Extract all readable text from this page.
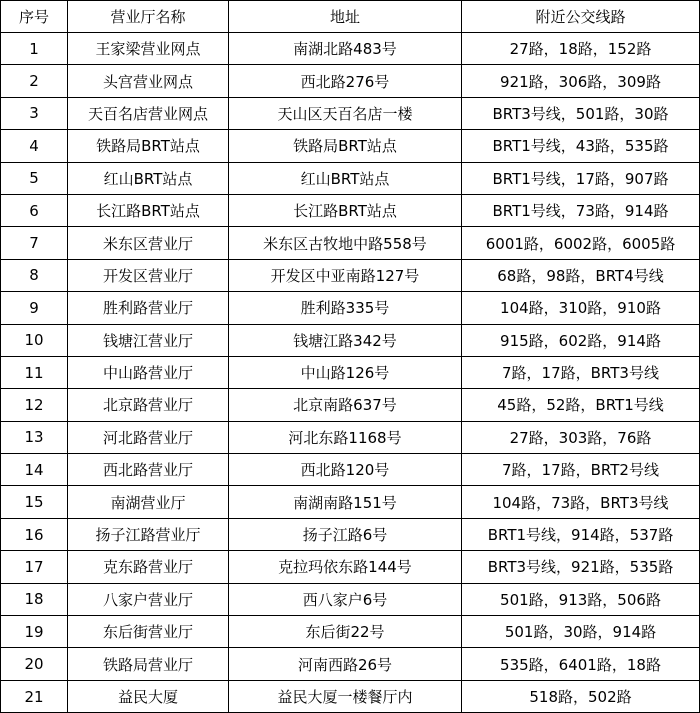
序号	营业厅名称	地址	附近公交线路
1	王家梁营业网点	南湖北路483号	27路，18路，152路
2	头宫营业网点	西北路276号	921路，306路，309路
3	天百名店营业网点	天山区天百名店一楼	BRT3号线，501路，30路
4	铁路局BRT站点	铁路局BRT站点	BRT1号线，43路，535路
5	红山BRT站点	红山BRT站点	BRT1号线，17路，907路
6	长江路BRT站点	长江路BRT站点	BRT1号线，73路，914路
7	米东区营业厅	米东区古牧地中路558号	6001路，6002路，6005路
8	开发区营业厅	开发区中亚南路127号	68路，98路，BRT4号线
9	胜利路营业厅	胜利路335号	104路，310路，910路
10	钱塘江营业厅	钱塘江路342号	915路，602路，914路
11	中山路营业厅	中山路126号	7路，17路，BRT3号线
12	北京路营业厅	北京南路637号	45路，52路，BRT1号线
13	河北路营业厅	河北东路1168号	27路，303路，76路
14	西北路营业厅	西北路120号	7路，17路，BRT2号线
15	南湖营业厅	南湖南路151号	104路，73路，BRT3号线
16	扬子江路营业厅	扬子江路6号	BRT1号线，914路，537路
17	克东路营业厅	克拉玛依东路144号	BRT3号线，921路，535路
18	八家户营业厅	西八家户6号	501路，913路，506路
19	东后街营业厅	东后街22号	501路，30路，914路
20	铁路局营业厅	河南西路26号	535路，6401路，18路
21	益民大厦	益民大厦一楼餐厅内	518路，502路
